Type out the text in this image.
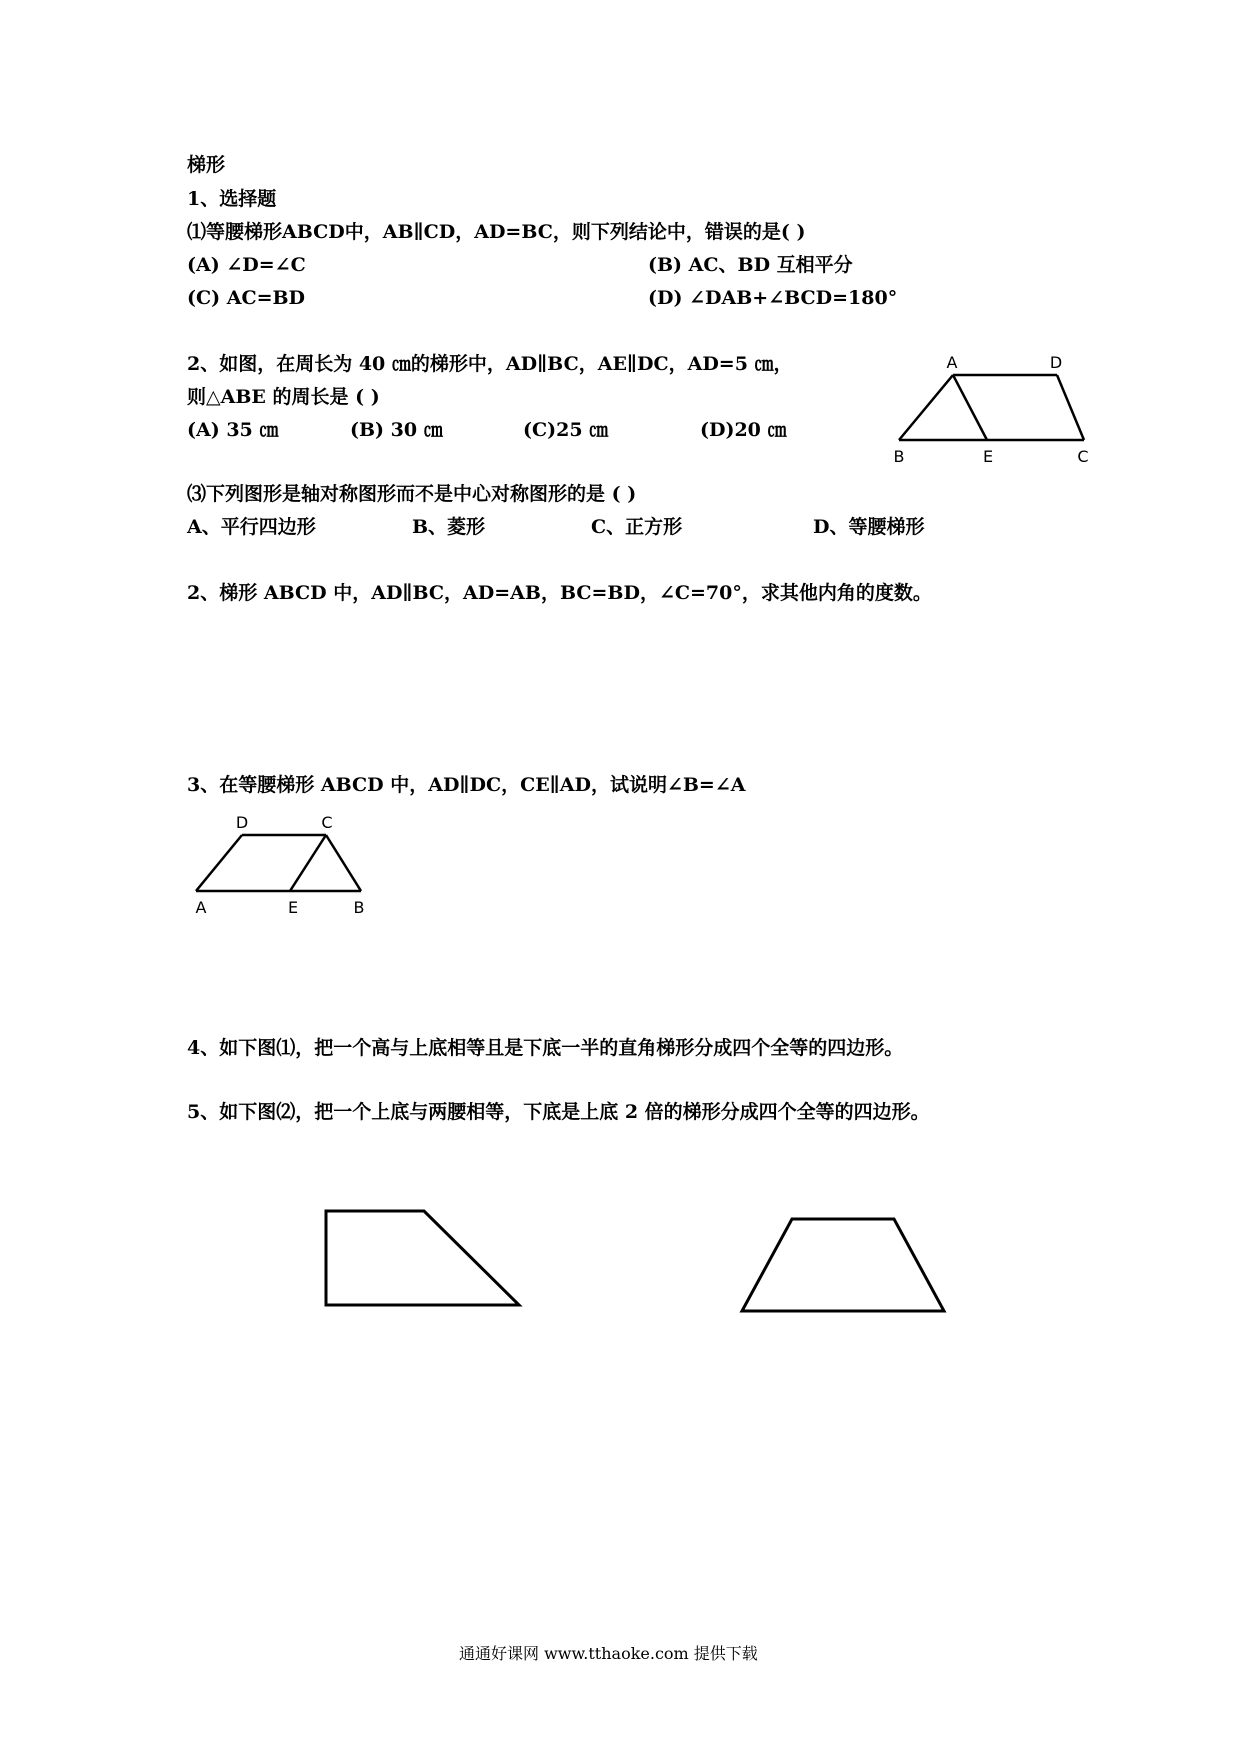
梯形
1、选择题
⑴等腰梯形ABCD中，AB∥CD，AD=BC，则下列结论中，错误的是( )
(A) ∠D=∠C	(B) AC、BD 互相平分
(C) AC=BD	(D) ∠DAB+∠BCD=180°
2、如图，在周长为 40 ㎝的梯形中，AD∥BC，AE∥DC，AD=5 ㎝，
则△ABE 的周长是 ( )
(A) 35 ㎝	(B) 30 ㎝	(C)25 ㎝	(D)20 ㎝
A	D
B	E	C
⑶下列图形是轴对称图形而不是中心对称图形的是 ( )
A、平行四边形	B、菱形	C、正方形	D、等腰梯形
2、梯形 ABCD 中，AD∥BC，AD=AB，BC=BD，∠C=70°，求其他内角的度数。
3、在等腰梯形 ABCD 中，AD∥DC，CE∥AD，试说明∠B=∠A
D	C
A	E	B
4、如下图⑴，把一个高与上底相等且是下底一半的直角梯形分成四个全等的四边形。
5、如下图⑵，把一个上底与两腰相等，下底是上底 2 倍的梯形分成四个全等的四边形。
通通好课网 www.tthaoke.com 提供下载
